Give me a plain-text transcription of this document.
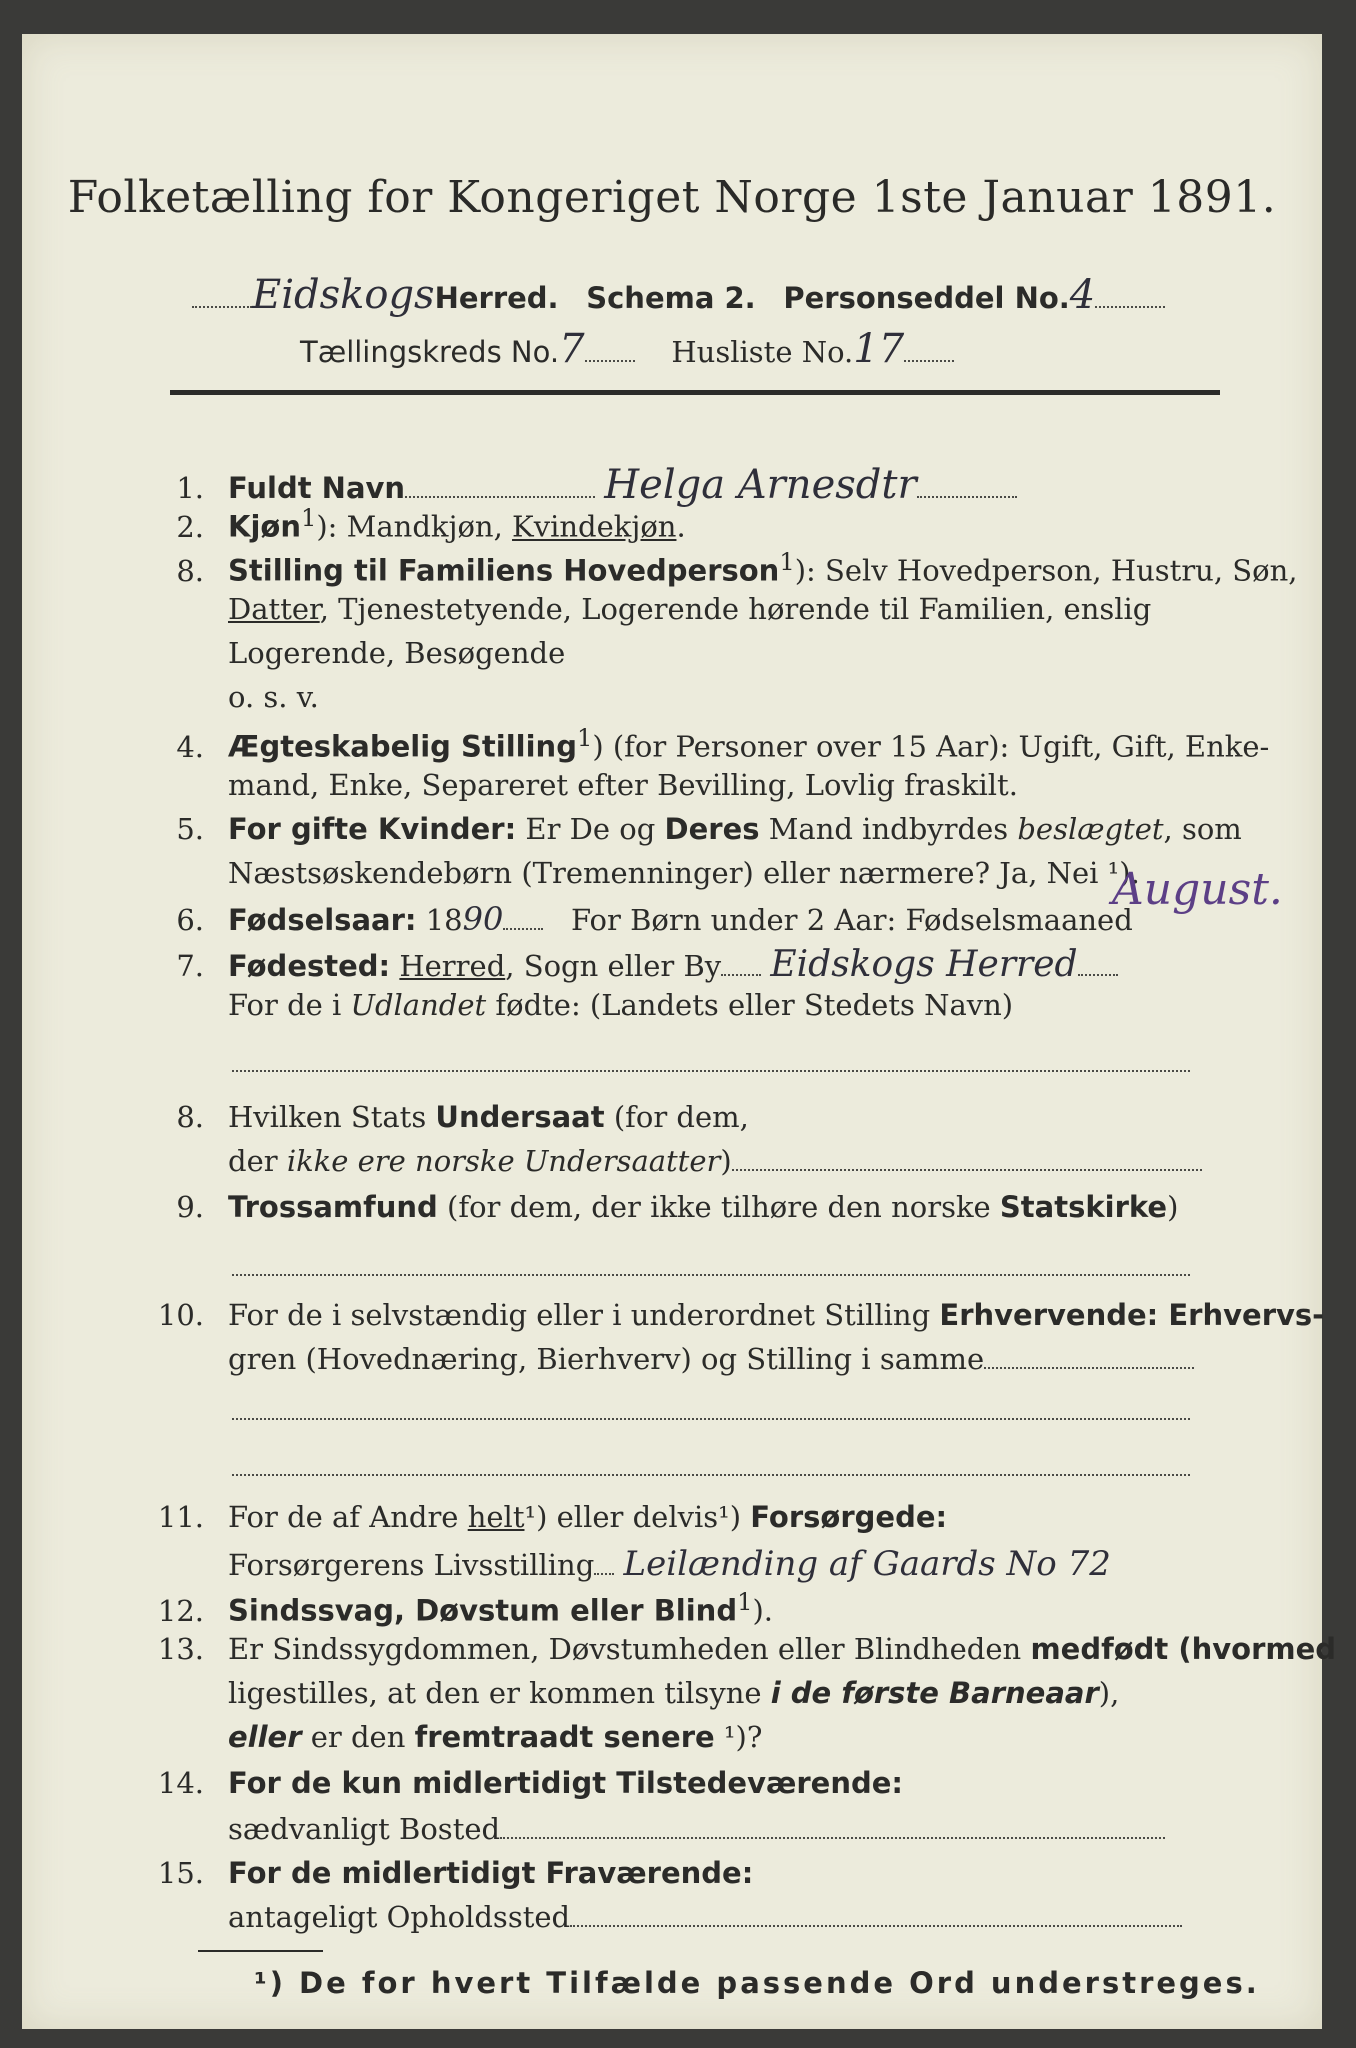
Folketælling for Kongeriget Norge 1ste Januar 1891.
EidskogsHerred. Schema 2. Personseddel No.4
Tællingskreds No.7	Husliste No.17
1. Fuldt Navn	Helga Arnesdtr
2. Kjøn$^1$): Mandkjøn, Kvindekjøn.
8. Stilling til Familiens Hovedperson$^1$): Selv Hovedperson, Hustru, Søn,
Datter, Tjenestetyende, Logerende hørende til Familien, enslig
Logerende, Besøgende
o. s. v.
4. Ægteskabelig Stilling$^1$) (for Personer over 15 Aar): Ugift, Gift, Enke-
mand, Enke, Separeret efter Bevilling, Lovlig fraskilt.
5. For gifte Kvinder: Er De og Deres Mand indbyrdes beslægtet, som
Næstsøskendebørn (Tremenninger) eller nærmere? Ja, Nei ¹).
6. Fødselsaar: 1890 For Børn under 2 Aar: Fødselsmaaned
August.
7. Fødested: Herred, Sogn eller By Eidskogs Herred
For de i Udlandet fødte: (Landets eller Stedets Navn)
8. Hvilken Stats Undersaat (for dem,
der ikke ere norske Undersaatter)
9. Trossamfund (for dem, der ikke tilhøre den norske Statskirke)
10. For de i selvstændig eller i underordnet Stilling Erhvervende: Erhvervs-
gren (Hovednæring, Bierhverv) og Stilling i samme
11. For de af Andre helt¹) eller delvis¹) Forsørgede:
Forsørgerens Livsstilling Leilænding af Gaards No 72
12. Sindssvag, Døvstum eller Blind$^1$).
13. Er Sindssygdommen, Døvstumheden eller Blindheden medfødt (hvormed
ligestilles, at den er kommen tilsyne i de første Barneaar),
eller er den fremtraadt senere ¹)?
14. For de kun midlertidigt Tilstedeværende:
sædvanligt Bosted
15. For de midlertidigt Fraværende:
antageligt Opholdssted
¹) De for hvert Tilfælde passende Ord understreges.
